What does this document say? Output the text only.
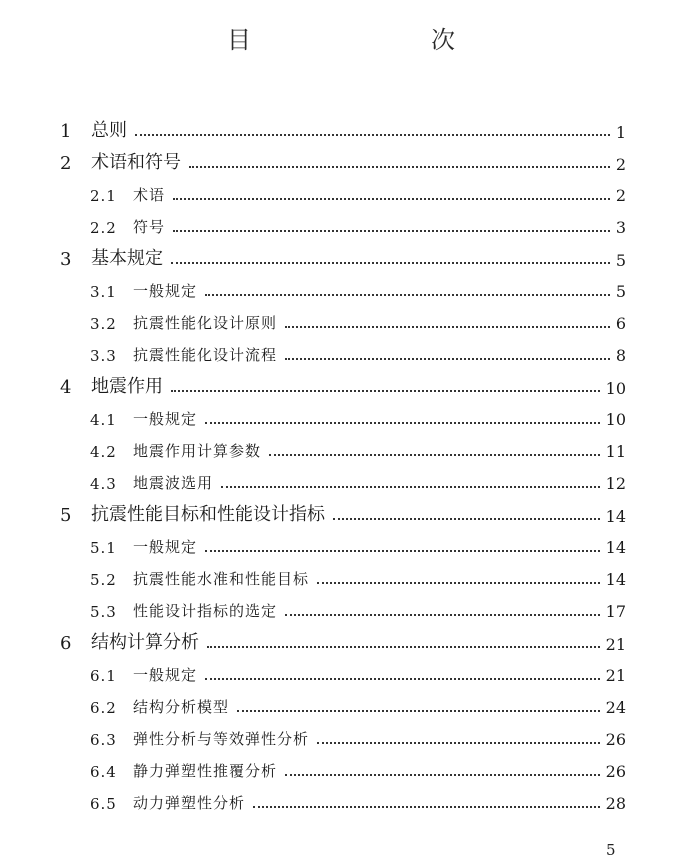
目　　次
1 总则	1
2 术语和符号	2
2.1 术语	2
2.2 符号	3
3 基本规定	5
3.1 一般规定	5
3.2 抗震性能化设计原则	6
3.3 抗震性能化设计流程	8
4 地震作用	10
4.1 一般规定	10
4.2 地震作用计算参数	11
4.3 地震波选用	12
5 抗震性能目标和性能设计指标	14
5.1 一般规定	14
5.2 抗震性能水准和性能目标	14
5.3 性能设计指标的选定	17
6 结构计算分析	21
6.1 一般规定	21
6.2 结构分析模型	24
6.3 弹性分析与等效弹性分析	26
6.4 静力弹塑性推覆分析	26
6.5 动力弹塑性分析	28
5
